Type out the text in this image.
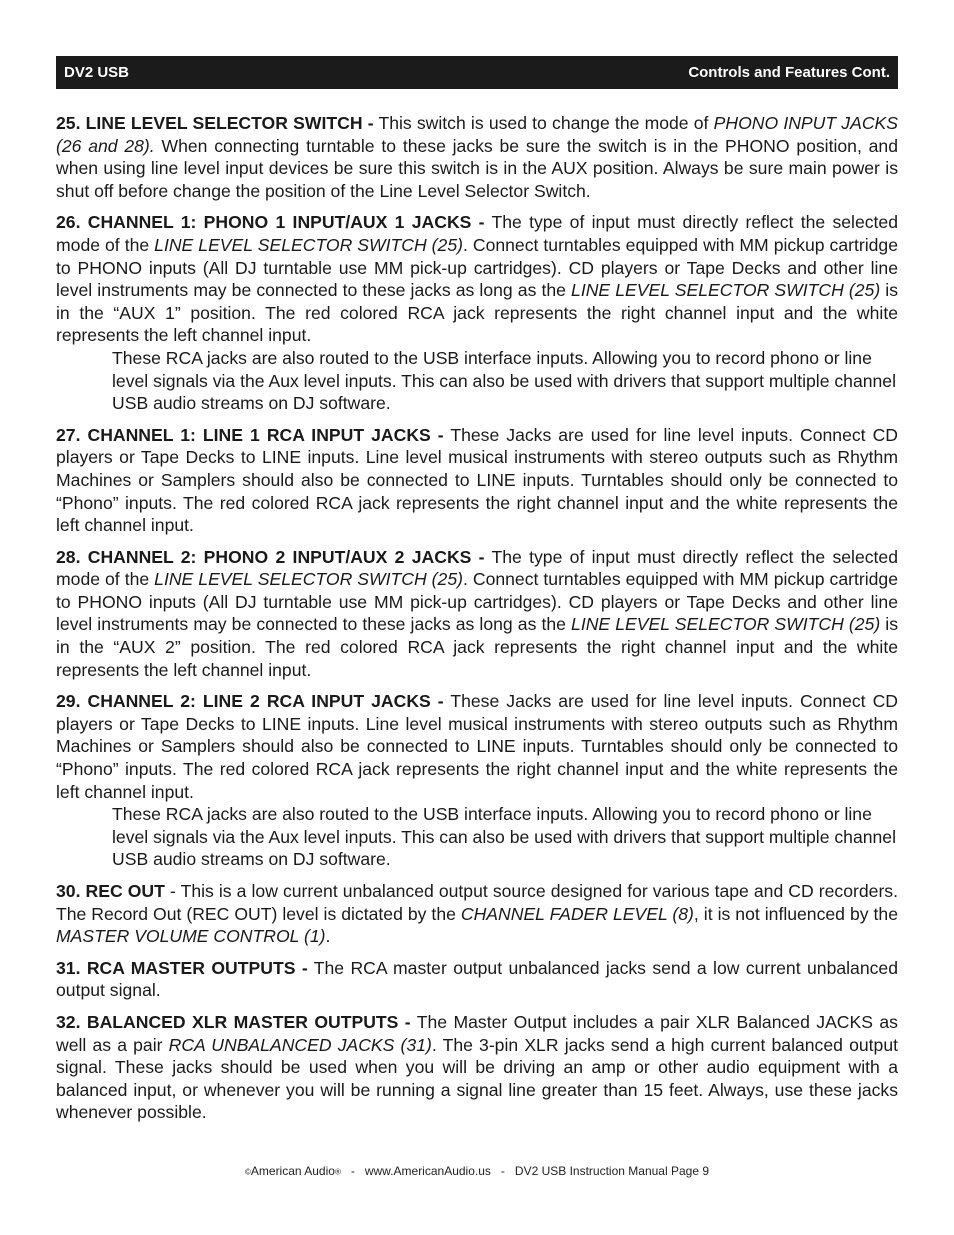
DV2 USB	Controls and Features Cont.

25. LINE LEVEL SELECTOR SWITCH - This switch is used to change the mode of PHONO INPUT JACKS (26 and 28). When connecting turntable to these jacks be sure the switch is in the PHONO position, and when using line level input devices be sure this switch is in the AUX position. Always be sure main power is shut off before change the position of the Line Level Selector Switch.

26. CHANNEL 1: PHONO 1 INPUT/AUX 1 JACKS - The type of input must directly reflect the selected mode of the LINE LEVEL SELECTOR SWITCH (25). Connect turntables equipped with MM pickup cartridge to PHONO inputs (All DJ turntable use MM pick-up cartridges). CD players or Tape Decks and other line level instruments may be connected to these jacks as long as the LINE LEVEL SELECTOR SWITCH (25) is in the “AUX 1” position. The red colored RCA jack represents the right channel input and the white represents the left channel input.

These RCA jacks are also routed to the USB interface inputs. Allowing you to record phono or line level signals via the Aux level inputs. This can also be used with drivers that support multiple channel USB audio streams on DJ software.

27. CHANNEL 1: LINE 1 RCA INPUT JACKS - These Jacks are used for line level inputs. Connect CD players or Tape Decks to LINE inputs. Line level musical instruments with stereo outputs such as Rhythm Machines or Samplers should also be connected to LINE inputs. Turntables should only be connected to “Phono” inputs. The red colored RCA jack represents the right channel input and the white represents the left channel input.

28. CHANNEL 2: PHONO 2 INPUT/AUX 2 JACKS - The type of input must directly reflect the selected mode of the LINE LEVEL SELECTOR SWITCH (25). Connect turntables equipped with MM pickup cartridge to PHONO inputs (All DJ turntable use MM pick-up cartridges). CD players or Tape Decks and other line level instruments may be connected to these jacks as long as the LINE LEVEL SELECTOR SWITCH (25) is in the “AUX 2” position. The red colored RCA jack represents the right channel input and the white represents the left channel input.

29. CHANNEL 2: LINE 2 RCA INPUT JACKS - These Jacks are used for line level inputs. Connect CD players or Tape Decks to LINE inputs. Line level musical instruments with stereo outputs such as Rhythm Machines or Samplers should also be connected to LINE inputs. Turntables should only be connected to “Phono” inputs. The red colored RCA jack represents the right channel input and the white represents the left channel input.

These RCA jacks are also routed to the USB interface inputs. Allowing you to record phono or line level signals via the Aux level inputs. This can also be used with drivers that support multiple channel USB audio streams on DJ software.

30. REC OUT - This is a low current unbalanced output source designed for various tape and CD recorders. The Record Out (REC OUT) level is dictated by the CHANNEL FADER LEVEL (8), it is not influenced by the MASTER VOLUME CONTROL (1).

31. RCA MASTER OUTPUTS - The RCA master output unbalanced jacks send a low current unbalanced output signal.

32. BALANCED XLR MASTER OUTPUTS - The Master Output includes a pair XLR Balanced JACKS as well as a pair RCA UNBALANCED JACKS (31). The 3-pin XLR jacks send a high current balanced output signal. These jacks should be used when you will be driving an amp or other audio equipment with a balanced input, or whenever you will be running a signal line greater than 15 feet. Always, use these jacks whenever possible.

©American Audio®   -   www.AmericanAudio.us   -   DV2 USB Instruction Manual Page 9
